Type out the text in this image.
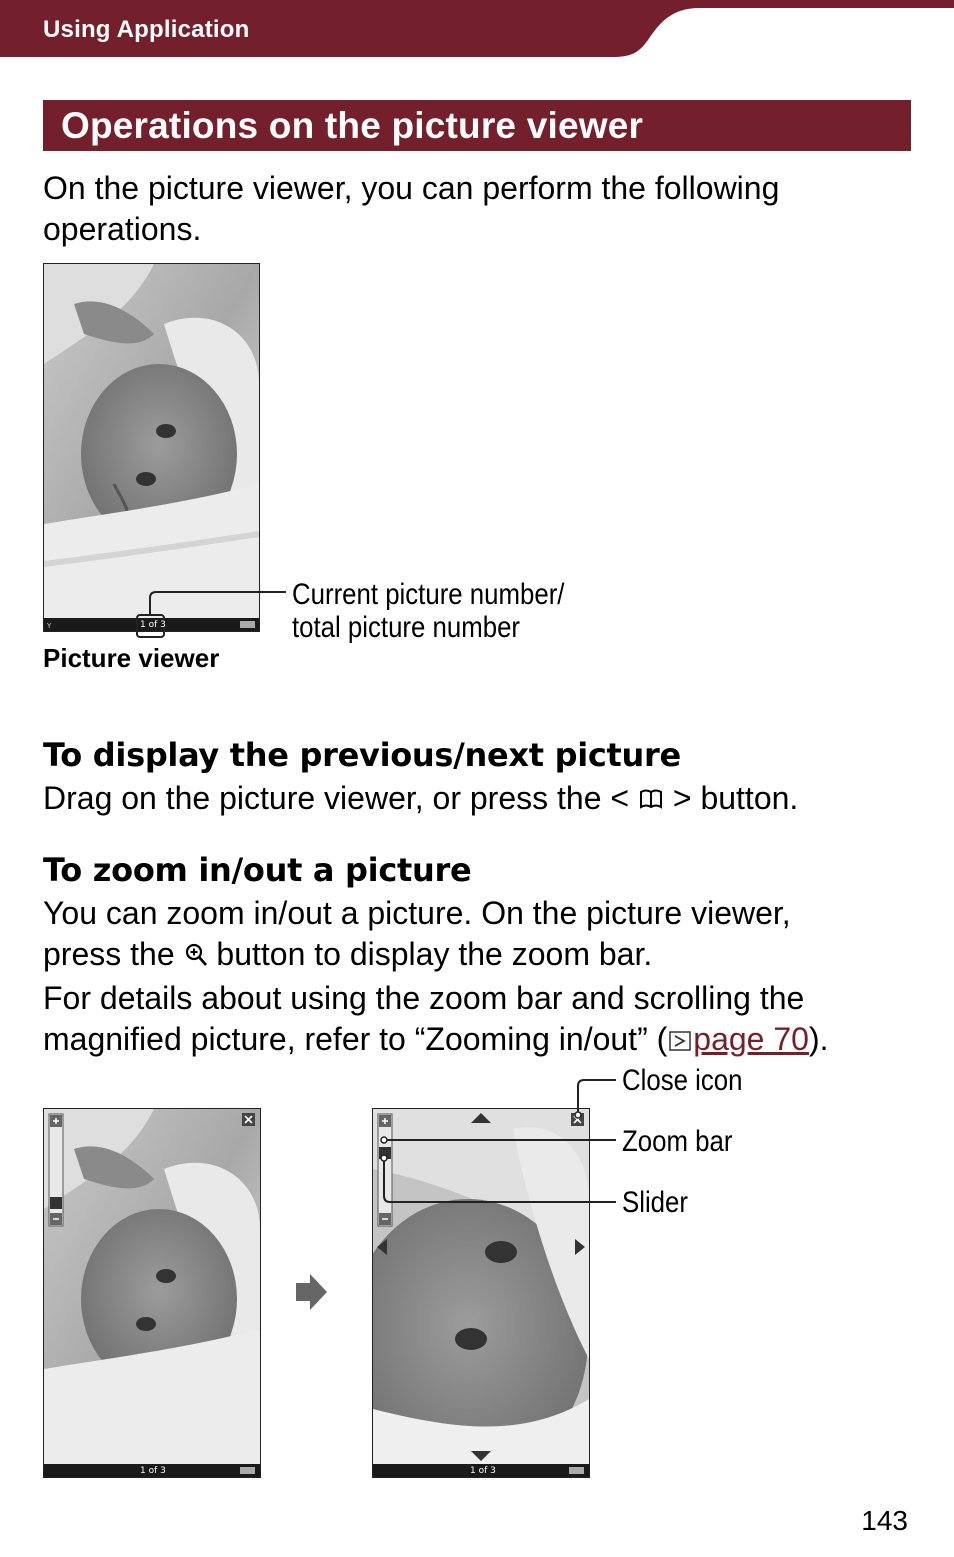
Using Application
Operations on the picture viewer
On the picture viewer, you can perform the following operations.
Y	1 of 3
Current picture number/
total picture number
Picture viewer
To display the previous/next picture
Drag on the picture viewer, or press the <  > button.
To zoom in/out a picture

You can zoom in/out a picture. On the picture viewer,

press the  button to display the zoom bar.

For details about using the zoom bar and scrolling the

magnified picture, refer to “Zooming in/out” ( page 70).

1 of 3	1 of 3
Close icon
Zoom bar
Slider
143
